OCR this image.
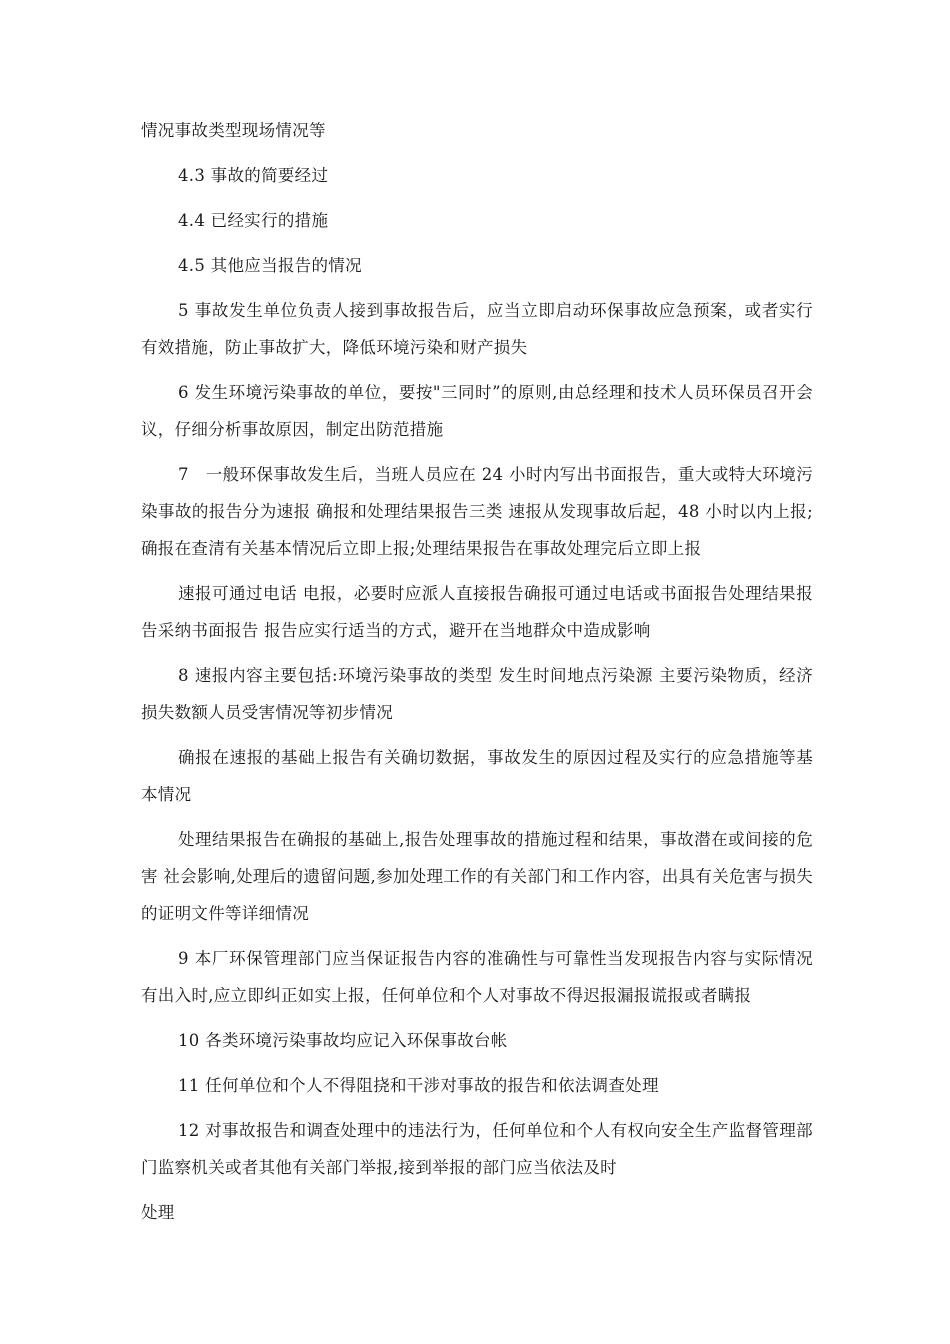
情况事故类型现场情况等

4.3 事故的简要经过

4.4 已经实行的措施

4.5 其他应当报告的情况

5 事故发生单位负责人接到事故报告后，应当立即启动环保事故应急预案，或者实行有效措施，防止事故扩大，降低环境污染和财产损失

6 发生环境污染事故的单位，要按"三同时”的原则,由总经理和技术人员环保员召开会议，仔细分析事故原因，制定出防范措施

7　一般环保事故发生后，当班人员应在 24 小时内写出书面报告，重大或特大环境污染事故的报告分为速报 确报和处理结果报告三类 速报从发现事故后起，48 小时以内上报;确报在查清有关基本情况后立即上报;处理结果报告在事故处理完后立即上报

速报可通过电话 电报，必要时应派人直接报告确报可通过电话或书面报告处理结果报告采纳书面报告 报告应实行适当的方式，避开在当地群众中造成影响

8 速报内容主要包括:环境污染事故的类型 发生时间地点污染源 主要污染物质，经济损失数额人员受害情况等初步情况

确报在速报的基础上报告有关确切数据，事故发生的原因过程及实行的应急措施等基本情况

处理结果报告在确报的基础上,报告处理事故的措施过程和结果，事故潜在或间接的危害 社会影响,处理后的遗留问题,参加处理工作的有关部门和工作内容，出具有关危害与损失的证明文件等详细情况

9 本厂环保管理部门应当保证报告内容的准确性与可靠性当发现报告内容与实际情况有出入时,应立即纠正如实上报，任何单位和个人对事故不得迟报漏报谎报或者瞒报

10 各类环境污染事故均应记入环保事故台帐

11 任何单位和个人不得阻挠和干涉对事故的报告和依法调查处理

12 对事故报告和调查处理中的违法行为，任何单位和个人有权向安全生产监督管理部门监察机关或者其他有关部门举报,接到举报的部门应当依法及时

处理
